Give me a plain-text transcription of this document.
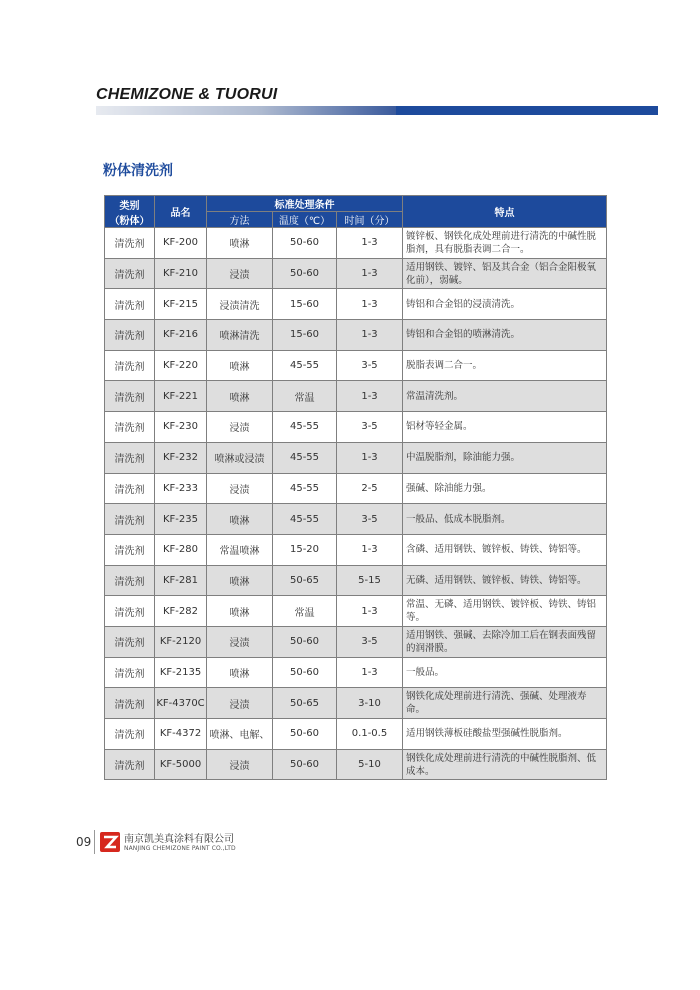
CHEMIZONE & TUORUI
粉体清洗剂
类别
（粉体）	品名	标准处理条件			特点
		方法	温度（℃）	时间（分）	
清洗剂	KF-200	喷淋	50-60	1-3	镀锌板、钢铁化成处理前进行清洗的中碱性脱脂剂，具有脱脂表调二合一。
清洗剂	KF-210	浸渍	50-60	1-3	适用钢铁、镀锌、铝及其合金（铝合金阳极氧化前），弱碱。
清洗剂	KF-215	浸渍清洗	15-60	1-3	铸铝和合金铝的浸渍清洗。
清洗剂	KF-216	喷淋清洗	15-60	1-3	铸铝和合金铝的喷淋清洗。
清洗剂	KF-220	喷淋	45-55	3-5	脱脂表调二合一。
清洗剂	KF-221	喷淋	常温	1-3	常温清洗剂。
清洗剂	KF-230	浸渍	45-55	3-5	铝材等轻金属。
清洗剂	KF-232	喷淋或浸渍	45-55	1-3	中温脱脂剂，除油能力强。
清洗剂	KF-233	浸渍	45-55	2-5	强碱、除油能力强。
清洗剂	KF-235	喷淋	45-55	3-5	一般品、低成本脱脂剂。
清洗剂	KF-280	常温喷淋	15-20	1-3	含磷、适用钢铁、镀锌板、铸铁、铸铝等。
清洗剂	KF-281	喷淋	50-65	5-15	无磷、适用钢铁、镀锌板、铸铁、铸铝等。
清洗剂	KF-282	喷淋	常温	1-3	常温、无磷、适用钢铁、镀锌板、铸铁、铸铝等。
清洗剂	KF-2120	浸渍	50-60	3-5	适用钢铁、强碱、去除冷加工后在钢表面残留的润滑膜。
清洗剂	KF-2135	喷淋	50-60	1-3	一般品。
清洗剂	KF-4370C	浸渍	50-65	3-10	钢铁化成处理前进行清洗、强碱、处理液寿命。
清洗剂	KF-4372	喷淋、电解、	50-60	0.1-0.5	适用钢铁薄板硅酸盐型强碱性脱脂剂。
清洗剂	KF-5000	浸渍	50-60	5-10	钢铁化成处理前进行清洗的中碱性脱脂剂、低成本。
09	南京凯美真涂料有限公司
NANJING CHEMIZONE PAINT CO.,LTD
